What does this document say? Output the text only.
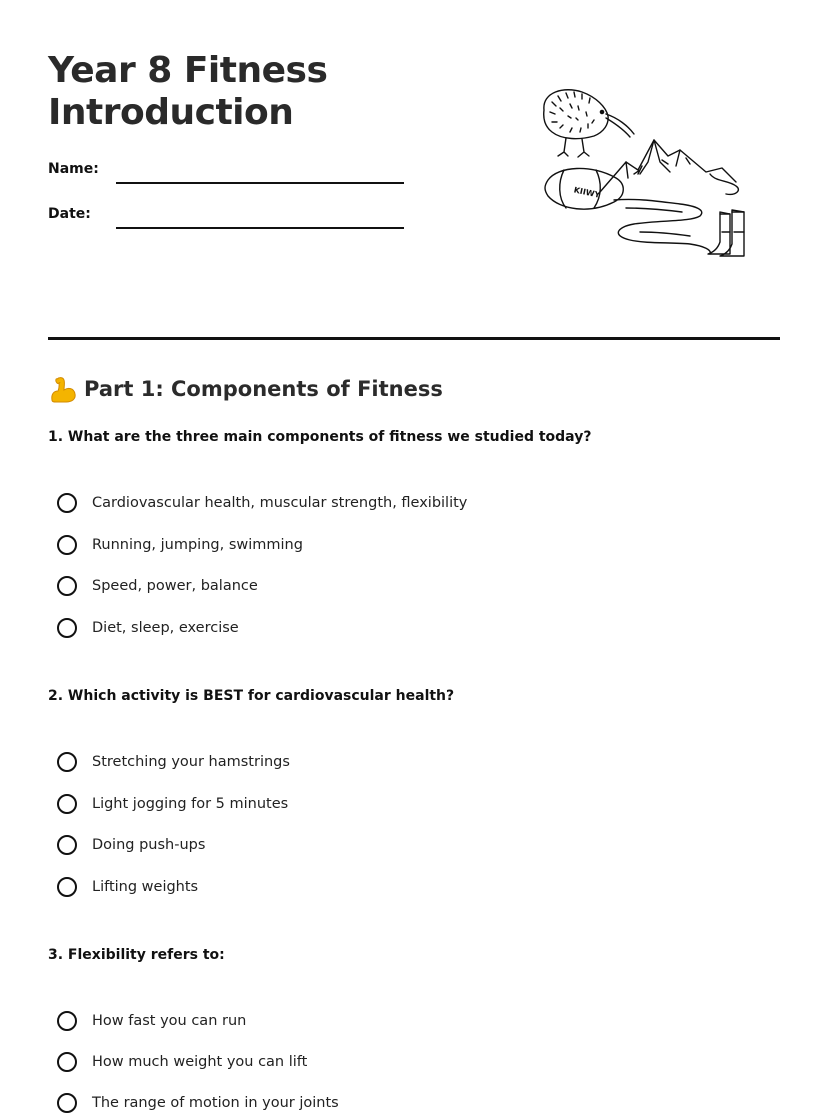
Year 8 Fitness Introduction
Name:
Date:
KIIWY
Part 1: Components of Fitness

1. What are the three main components of fitness we studied today?

Cardiovascular health, muscular strength, flexibility
Running, jumping, swimming
Speed, power, balance
Diet, sleep, exercise

2. Which activity is BEST for cardiovascular health?

Stretching your hamstrings
Light jogging for 5 minutes
Doing push-ups
Lifting weights

3. Flexibility refers to:

How fast you can run
How much weight you can lift
The range of motion in your joints
